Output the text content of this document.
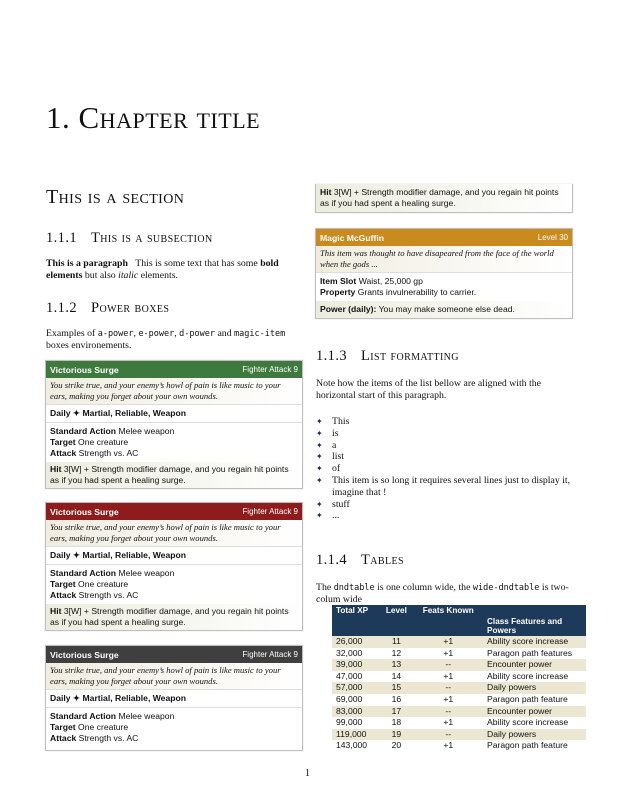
1. Chapter title
This is a section
1.1.1 This is a subsection
This is a paragraph This is some text that has some bold elements but also italic elements.
1.1.2 Power boxes
Examples of a-power, e-power, d-power and magic-item boxes environements.
Victorious Surge	Fighter Attack 9
You strike true, and your enemy’s howl of pain is like music to your ears, making you forget about your own wounds.
Daily ✦ Martial, Reliable, Weapon
Standard Action Melee weapon
Target One creature
Attack Strength vs. AC
Hit 3[W] + Strength modifier damage, and you regain hit points as if you had spent a healing surge.
Victorious Surge	Fighter Attack 9
You strike true, and your enemy’s howl of pain is like music to your ears, making you forget about your own wounds.
Daily ✦ Martial, Reliable, Weapon
Standard Action Melee weapon
Target One creature
Attack Strength vs. AC
Hit 3[W] + Strength modifier damage, and you regain hit points as if you had spent a healing surge.
Victorious Surge	Fighter Attack 9
You strike true, and your enemy’s howl of pain is like music to your ears, making you forget about your own wounds.
Daily ✦ Martial, Reliable, Weapon
Standard Action Melee weapon
Target One creature
Attack Strength vs. AC
Hit 3[W] + Strength modifier damage, and you regain hit points as if you had spent a healing surge.
Magic McGuffin	Level 30
This item was thought to have disapeared from the face of the world when the gods ...
Item Slot Waist, 25,000 gp
Property Grants invulnerability to carrier.
Power (daily): You may make someone else dead.
1.1.3 List formatting
Note how the items of the list bellow are aligned with the horizontal start of this paragraph.
✦ This
✦ is
✦ a
✦ list
✦ of
✦ This item is so long it requires several lines just to display it, imagine that !
✦ stuff
✦ ...
1.1.4 Tables
The dndtable is one column wide, the wide-dndtable is two-colum wide
Total XP	Level	Feats Known	Class Features and Powers
26,000	11	+1	Ability score increase
32,000	12	+1	Paragon path features
39,000	13	--	Encounter power
47,000	14	+1	Ability score increase
57,000	15	--	Daily powers
69,000	16	+1	Paragon path feature
83,000	17	--	Encounter power
99,000	18	+1	Ability score increase
119,000	19	--	Daily powers
143,000	20	+1	Paragon path feature
1
